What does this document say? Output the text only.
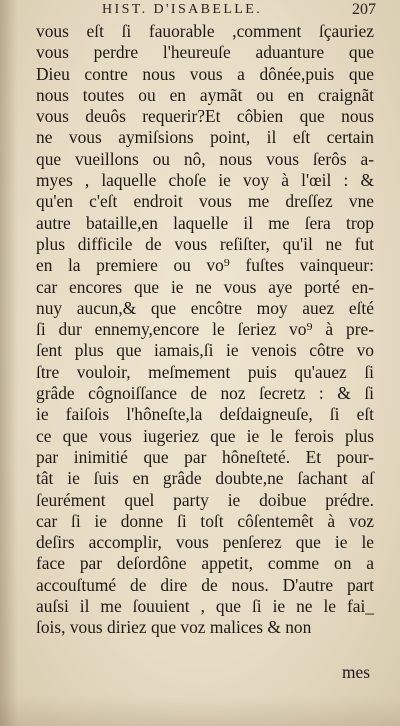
HIST. D'ISABELLE.	207
vous eſt ſi fauorable ,comment ſçauriez
vous perdre l'heureuſe aduanture que
Dieu contre nous vous a dônée,puis que
nous toutes ou en aymãt ou en craignãt
vous deuôs requerir?Et côbien que nous
ne vous aymiſsions point, il eſt certain
que vueillons ou nô, nous vous ſerôs a-
myes , laquelle choſe ie voy à l'œil : &
qu'en c'eſt endroit vous me dreſſez vne
autre bataille,en laquelle il me ſera trop
plus difficile de vous reſiſter, qu'il ne fut
en la premiere ou vo⁹ fuſtes vainqueur:
car encores que ie ne vous aye porté en-
nuy aucun,& que encôtre moy auez eſté
ſi dur ennemy,encore le ſeriez vo⁹ à pre-
ſent plus que iamais,ſi ie venois côtre vo
ſtre vouloir, meſmement puis qu'auez ſi
grâde côgnoiſſance de noz ſecretz : & ſi
ie faiſois l'hôneſte,la deſdaigneuſe, ſi eſt
ce que vous iugeriez que ie le ferois plus
par inimitié que par hôneſteté. Et pour-
tât ie ſuis en grâde doubte,ne ſachant aſ
ſeurément quel party ie doibue prédre.
car ſi ie donne ſi toſt côſentemêt à voz
deſirs accomplir, vous penſerez que ie le
face par deſordône appetit, comme on a
accouſtumé de dire de nous. D'autre part
auſsi il me ſouuient , que ſi ie ne le fai_
ſois, vous diriez que voz malices & non
mes
